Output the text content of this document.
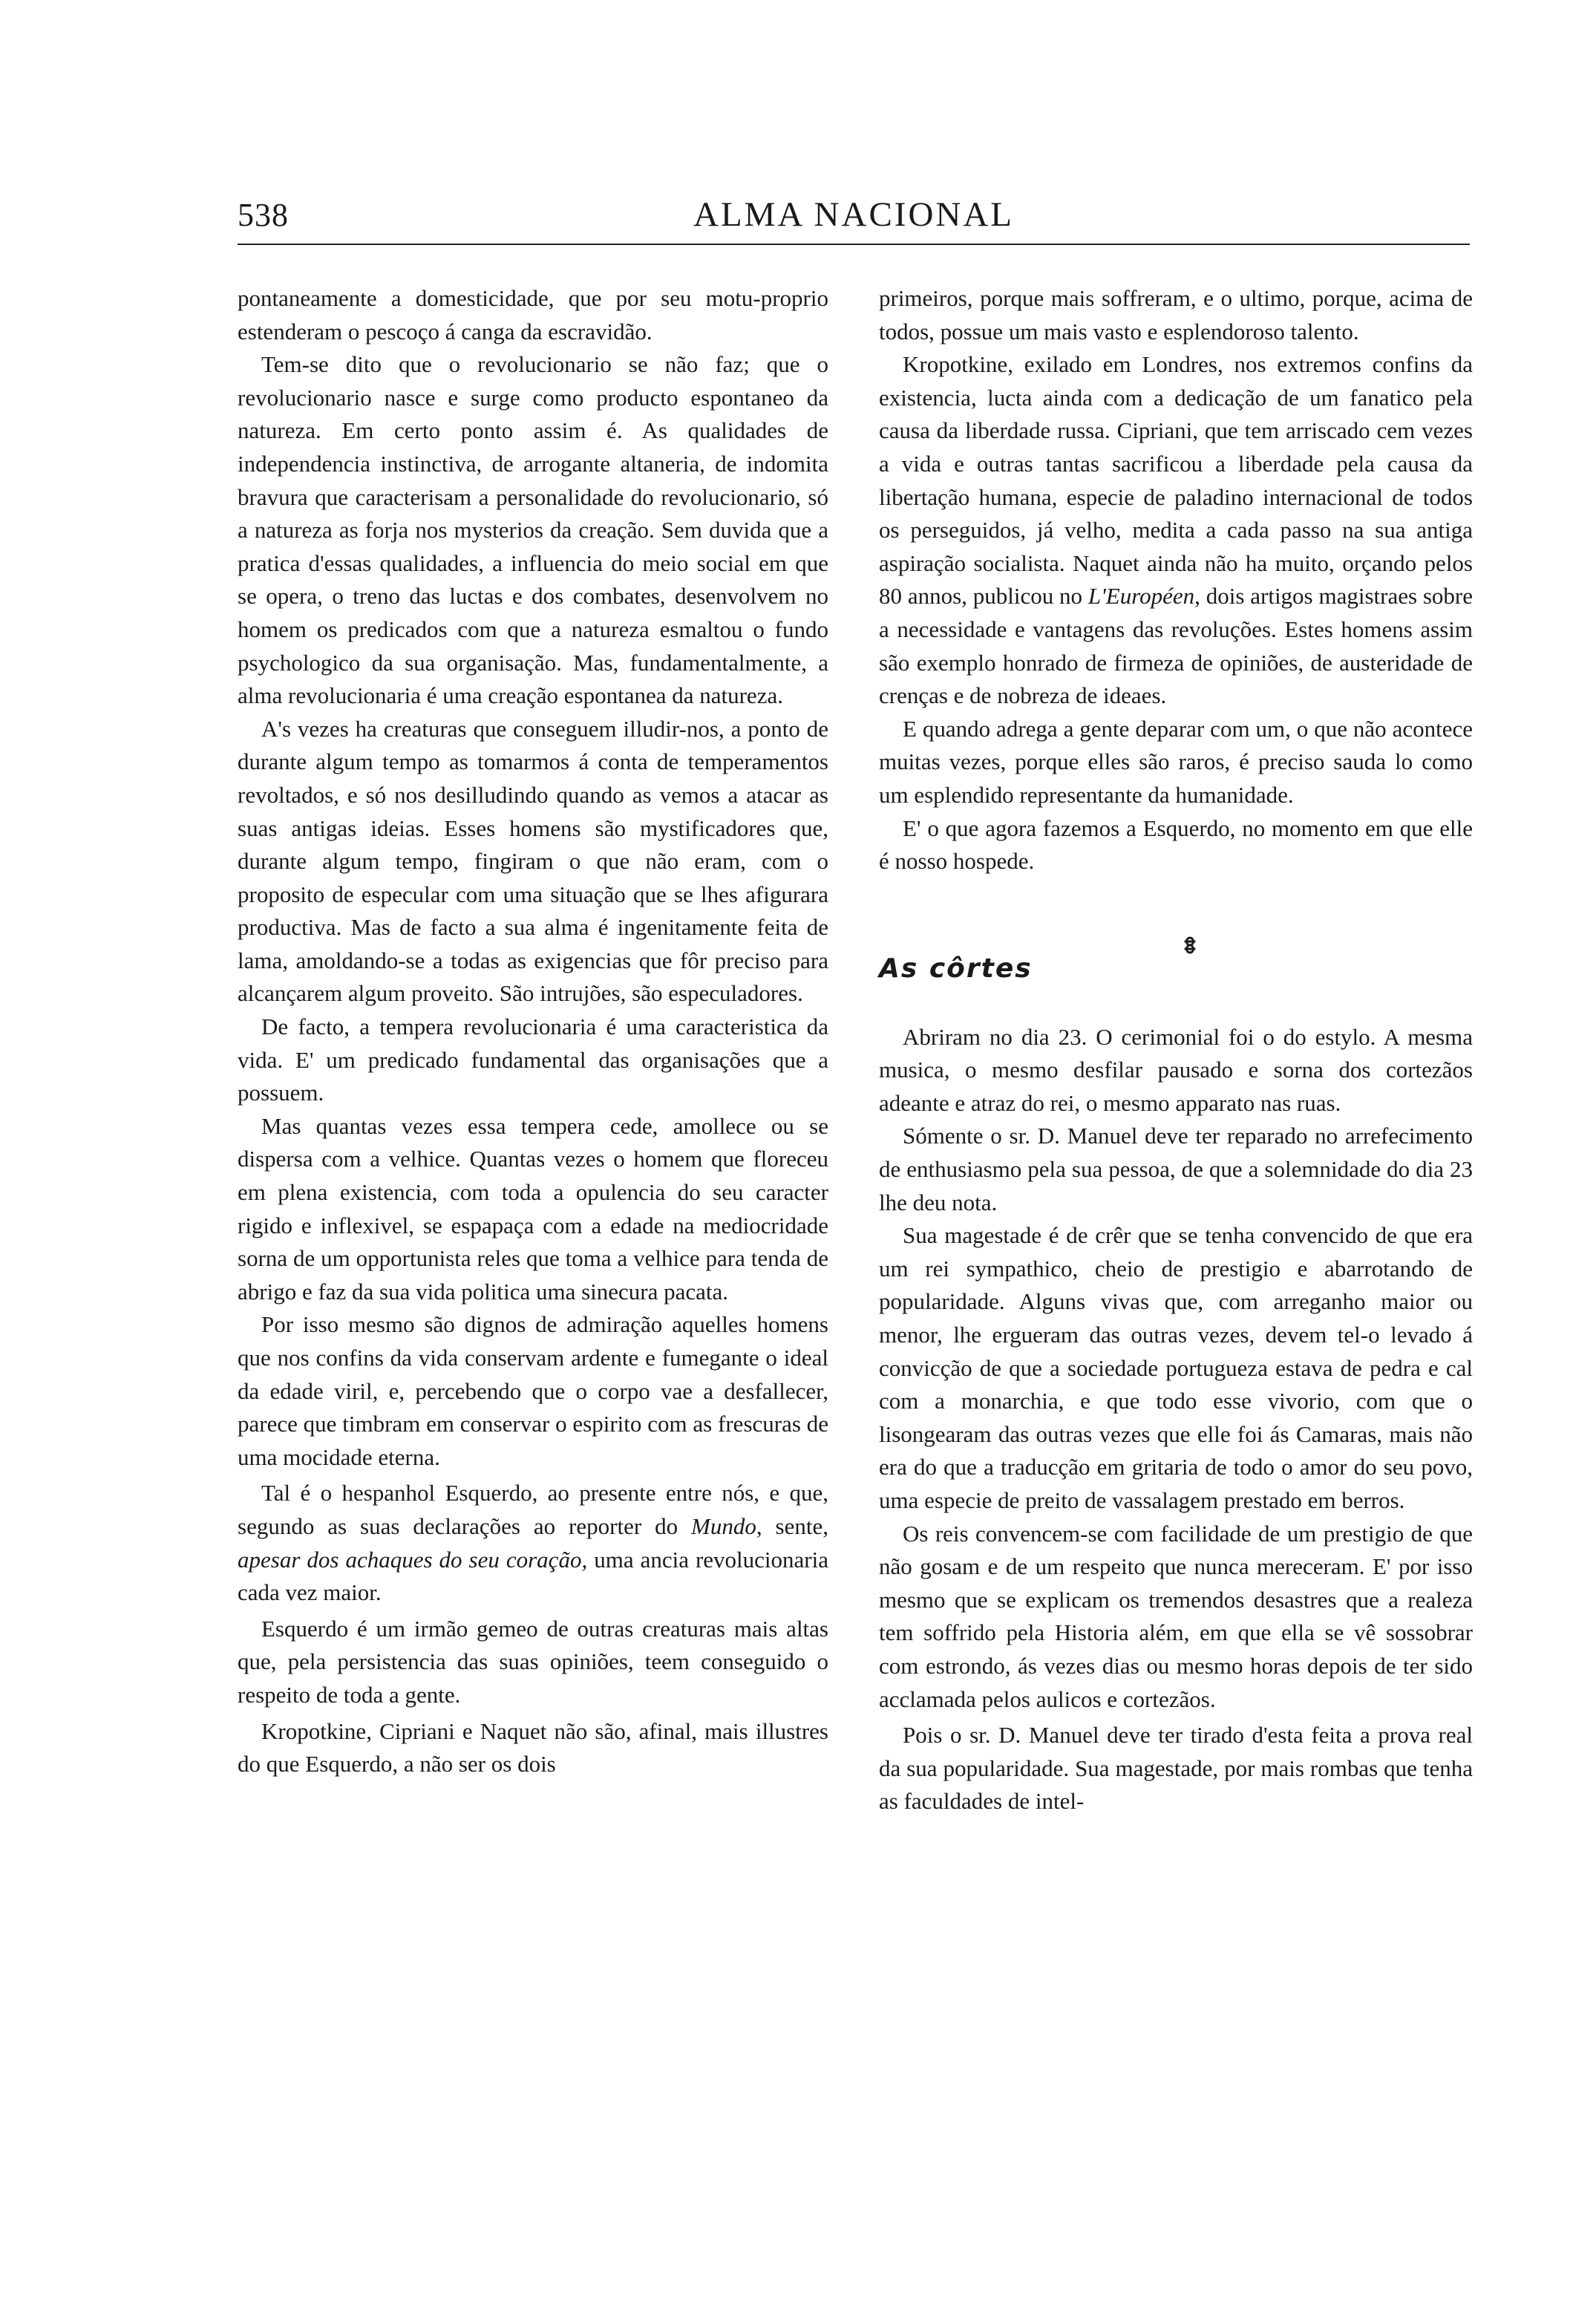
538	ALMA NACIONAL

pontaneamente a domesticidade, que por seu motu-proprio estenderam o pescoço á canga da escravidão.

Tem-se dito que o revolucionario se não faz; que o revolucionario nasce e surge como producto espontaneo da natureza. Em certo ponto assim é. As qualidades de independencia instinctiva, de arrogante altaneria, de indomita bravura que caracterisam a personalidade do revolucionario, só a natureza as forja nos mysterios da creação. Sem duvida que a pratica d'essas qualidades, a influencia do meio social em que se opera, o treno das luctas e dos combates, desenvolvem no homem os predicados com que a natureza esmaltou o fundo psychologico da sua organisação. Mas, fundamentalmente, a alma revolucionaria é uma creação espontanea da natureza.

A's vezes ha creaturas que conseguem illudir-nos, a ponto de durante algum tempo as tomarmos á conta de temperamentos revoltados, e só nos desilludindo quando as vemos a atacar as suas antigas ideias. Esses homens são mystificadores que, durante algum tempo, fingiram o que não eram, com o proposito de especular com uma situação que se lhes afigurara productiva. Mas de facto a sua alma é ingenitamente feita de lama, amoldando-se a todas as exigencias que fôr preciso para alcançarem algum proveito. São intrujões, são especuladores.

De facto, a tempera revolucionaria é uma caracteristica da vida. E' um predicado fundamental das organisações que a possuem.

Mas quantas vezes essa tempera cede, amollece ou se dispersa com a velhice. Quantas vezes o homem que floreceu em plena existencia, com toda a opulencia do seu caracter rigido e inflexivel, se espapaça com a edade na mediocridade sorna de um opportunista reles que toma a velhice para tenda de abrigo e faz da sua vida politica uma sinecura pacata.

Por isso mesmo são dignos de admiração aquelles homens que nos confins da vida conservam ardente e fumegante o ideal da edade viril, e, percebendo que o corpo vae a desfallecer, parece que timbram em conservar o espirito com as frescuras de uma mocidade eterna.

Tal é o hespanhol Esquerdo, ao presente entre nós, e que, segundo as suas declarações ao reporter do Mundo, sente, apesar dos achaques do seu coração, uma ancia revolucionaria cada vez maior.

Esquerdo é um irmão gemeo de outras creaturas mais altas que, pela persistencia das suas opiniões, teem conseguido o respeito de toda a gente.

Kropotkine, Cipriani e Naquet não são, afinal, mais illustres do que Esquerdo, a não ser os dois

primeiros, porque mais soffreram, e o ultimo, porque, acima de todos, possue um mais vasto e esplendoroso talento.

Kropotkine, exilado em Londres, nos extremos confins da existencia, lucta ainda com a dedicação de um fanatico pela causa da liberdade russa. Cipriani, que tem arriscado cem vezes a vida e outras tantas sacrificou a liberdade pela causa da libertação humana, especie de paladino internacional de todos os perseguidos, já velho, medita a cada passo na sua antiga aspiração socialista. Naquet ainda não ha muito, orçando pelos 80 annos, publicou no L'Européen, dois artigos magistraes sobre a necessidade e vantagens das revoluções. Estes homens assim são exemplo honrado de firmeza de opiniões, de austeridade de crenças e de nobreza de ideaes.

E quando adrega a gente deparar com um, o que não acontece muitas vezes, porque elles são raros, é preciso sauda lo como um esplendido representante da humanidade.

E' o que agora fazemos a Esquerdo, no momento em que elle é nosso hospede.

ꗊ
As côrtes

Abriram no dia 23. O cerimonial foi o do estylo. A mesma musica, o mesmo desfilar pausado e sorna dos cortezãos adeante e atraz do rei, o mesmo apparato nas ruas.

Sómente o sr. D. Manuel deve ter reparado no arrefecimento de enthusiasmo pela sua pessoa, de que a solemnidade do dia 23 lhe deu nota.

Sua magestade é de crêr que se tenha convencido de que era um rei sympathico, cheio de prestigio e abarrotando de popularidade. Alguns vivas que, com arreganho maior ou menor, lhe ergueram das outras vezes, devem tel-o levado á convicção de que a sociedade portugueza estava de pedra e cal com a monarchia, e que todo esse vivorio, com que o lisongearam das outras vezes que elle foi ás Camaras, mais não era do que a traducção em gritaria de todo o amor do seu povo, uma especie de preito de vassalagem prestado em berros.

Os reis convencem-se com facilidade de um prestigio de que não gosam e de um respeito que nunca mereceram. E' por isso mesmo que se explicam os tremendos desastres que a realeza tem soffrido pela Historia além, em que ella se vê sossobrar com estrondo, ás vezes dias ou mesmo horas depois de ter sido acclamada pelos aulicos e cortezãos.

Pois o sr. D. Manuel deve ter tirado d'esta feita a prova real da sua popularidade. Sua magestade, por mais rombas que tenha as faculdades de intel-
